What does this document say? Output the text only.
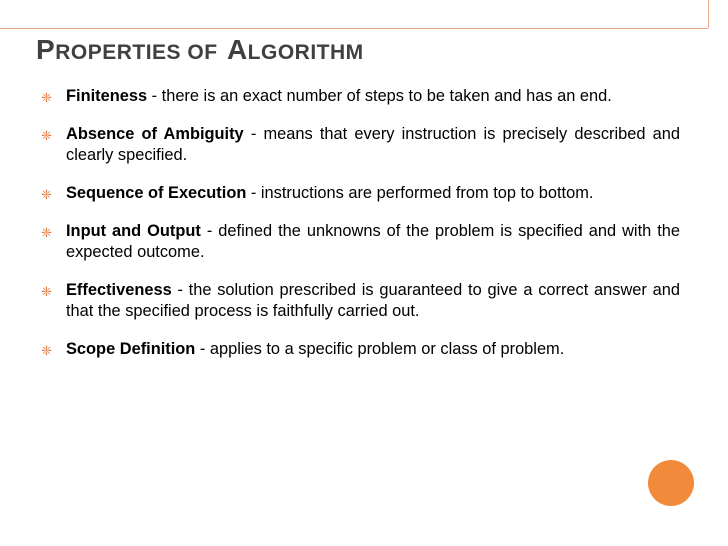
PROPERTIES OF ALGORITHM
❈ Finiteness - there is an exact number of steps to be taken and has an end.
❈ Absence of Ambiguity - means that every instruction is precisely described and clearly specified.
❈ Sequence of Execution - instructions are performed from top to bottom.
❈ Input and Output - defined the unknowns of the problem is specified and with the expected outcome.
❈ Effectiveness - the solution prescribed is guaranteed to give a correct answer and that the specified process is faithfully carried out.
❈ Scope Definition - applies to a specific problem or class of problem.
